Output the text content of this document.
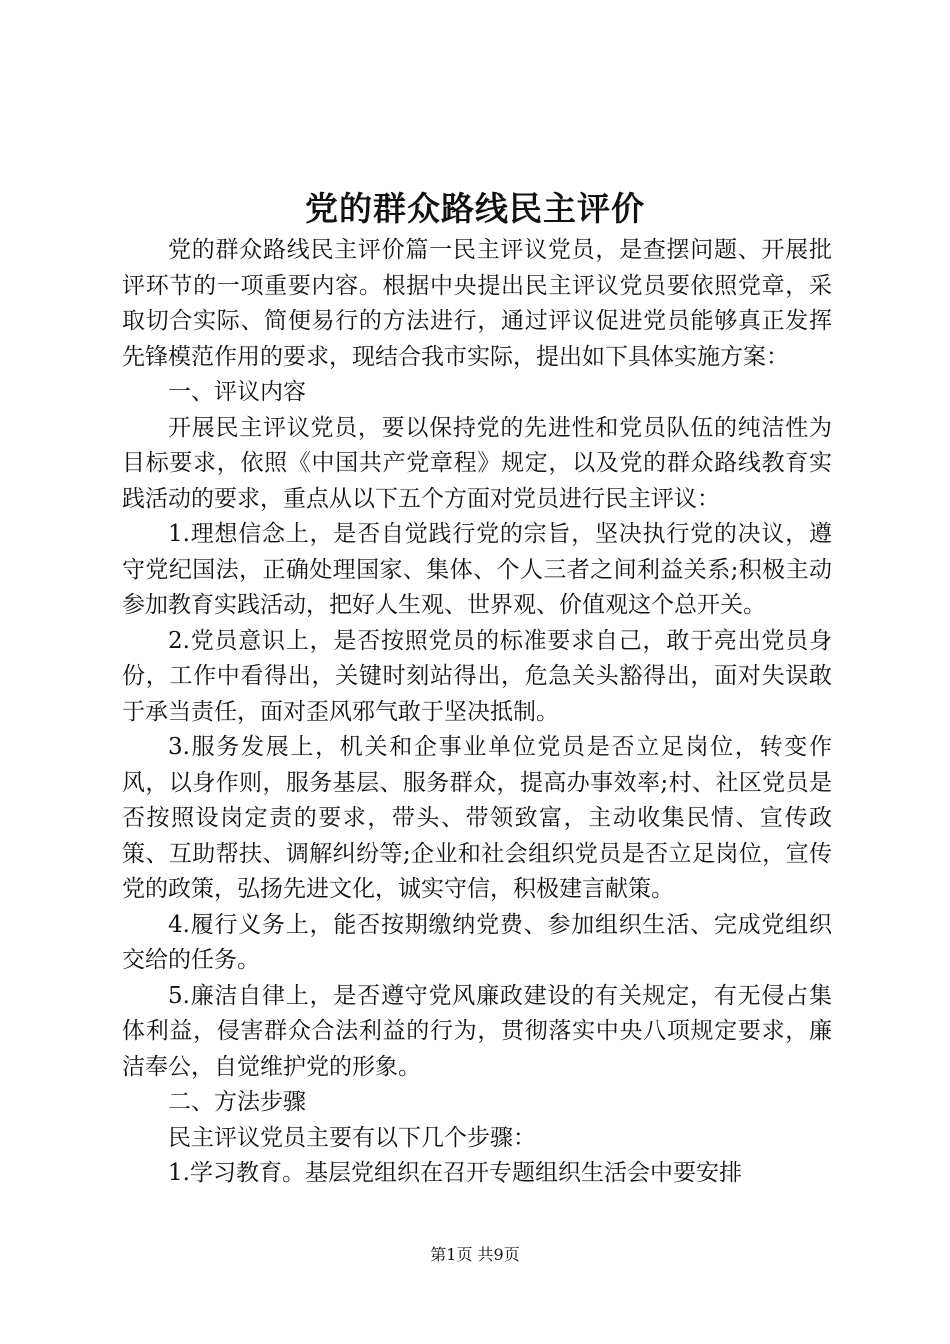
党的群众路线民主评价

党的群众路线民主评价篇一民主评议党员，是查摆问题、开展批评环节的一项重要内容。根据中央提出民主评议党员要依照党章，采取切合实际、简便易行的方法进行，通过评议促进党员能够真正发挥先锋模范作用的要求，现结合我市实际，提出如下具体实施方案：

一、评议内容

开展民主评议党员，要以保持党的先进性和党员队伍的纯洁性为目标要求，依照《中国共产党章程》规定，以及党的群众路线教育实践活动的要求，重点从以下五个方面对党员进行民主评议：

1.理想信念上，是否自觉践行党的宗旨，坚决执行党的决议，遵守党纪国法，正确处理国家、集体、个人三者之间利益关系;积极主动参加教育实践活动，把好人生观、世界观、价值观这个总开关。

2.党员意识上，是否按照党员的标准要求自己，敢于亮出党员身份，工作中看得出，关键时刻站得出，危急关头豁得出，面对失误敢于承当责任，面对歪风邪气敢于坚决抵制。

3.服务发展上，机关和企事业单位党员是否立足岗位，转变作风，以身作则，服务基层、服务群众，提高办事效率;村、社区党员是否按照设岗定责的要求，带头、带领致富，主动收集民情、宣传政策、互助帮扶、调解纠纷等;企业和社会组织党员是否立足岗位，宣传党的政策，弘扬先进文化，诚实守信，积极建言献策。

4.履行义务上，能否按期缴纳党费、参加组织生活、完成党组织交给的任务。

5.廉洁自律上，是否遵守党风廉政建设的有关规定，有无侵占集体利益，侵害群众合法利益的行为，贯彻落实中央八项规定要求，廉洁奉公，自觉维护党的形象。

二、方法步骤

民主评议党员主要有以下几个步骤：

1.学习教育。基层党组织在召开专题组织生活会中要安排

第1页 共9页
